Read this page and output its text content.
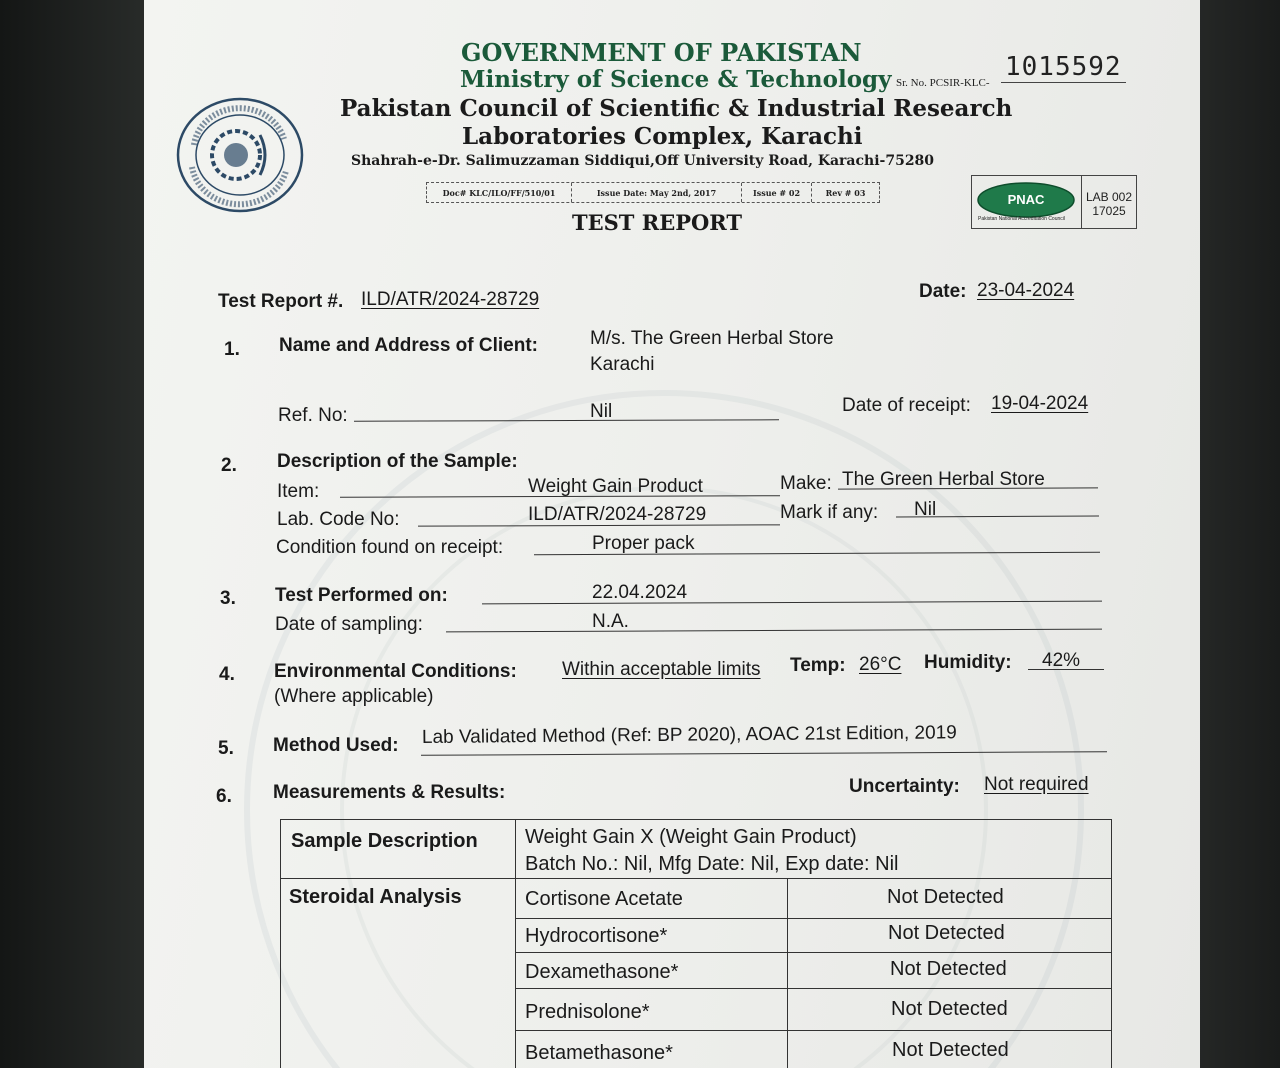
GOVERNMENT OF PAKISTAN
Ministry of Science & Technology
Pakistan Council of Scientific & Industrial Research
Laboratories Complex, Karachi
Shahrah-e-Dr. Salimuzzaman Siddiqui,Off University Road, Karachi-75280
Sr. No. PCSIR-KLC-
1015592
Doc# KLC/ILO/FF/510/01	Issue Date: May 2nd, 2017	Issue # 02	Rev # 03	PNAC
Pakistan National Accreditation Council
LAB 002
17025
TEST REPORT
Test Report #. ILD/ATR/2024-28729	Date: 23-04-2024
1. Name and Address of Client:	M/s. The Green Herbal Store
Karachi
Ref. No:	Nil	Date of receipt: 19-04-2024
2. Description of the Sample:
Item:	Weight Gain Product	Make: The Green Herbal Store
Lab. Code No:	ILD/ATR/2024-28729	Mark if any: Nil
Condition found on receipt:	Proper pack
3. Test Performed on:	22.04.2024
Date of sampling:	N.A.
4. Environmental Conditions: Within acceptable limits Temp: 26°C Humidity: 42%
(Where applicable)
5. Method Used: Lab Validated Method (Ref: BP 2020), AOAC 21st Edition, 2019
6. Measurements & Results:	Uncertainty: Not required
Sample Description Weight Gain X (Weight Gain Product)
Batch No.: Nil, Mfg Date: Nil, Exp date: Nil
Steroidal Analysis	Cortisone Acetate	Not Detected
Hydrocortisone*	Not Detected
Dexamethasone*	Not Detected
Prednisolone*	Not Detected
Betamethasone*	Not Detected
